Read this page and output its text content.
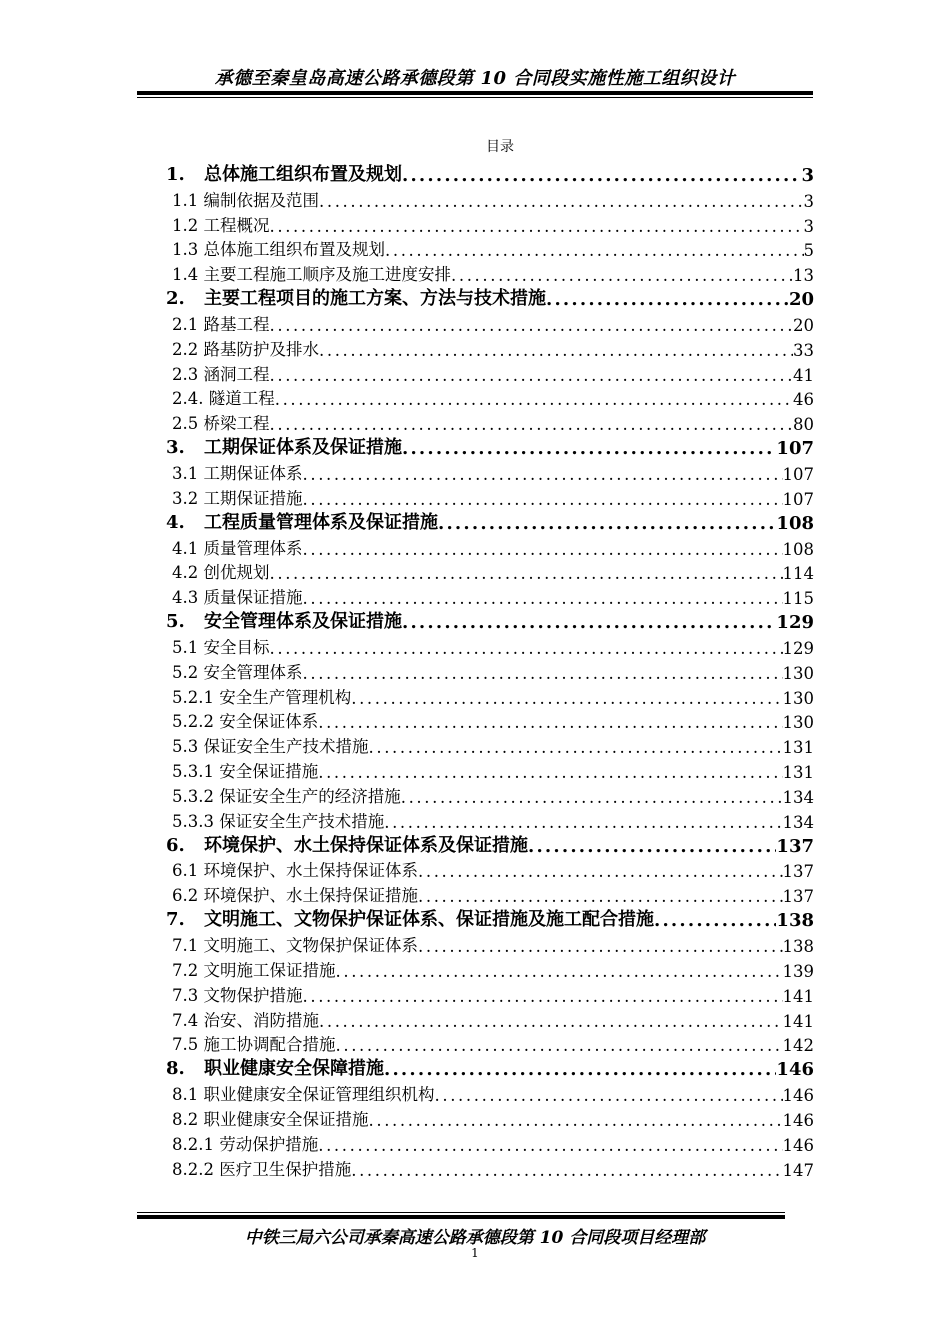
承德至秦皇岛高速公路承德段第 10 合同段实施性施工组织设计
目录
1. 总体施工组织布置及规划 .....	3
1.1 编制依据及范围 .....	3
1.2 工程概况 .....	3
1.3 总体施工组织布置及规划 .....	5
1.4 主要工程施工顺序及施工进度安排 .....	13
2. 主要工程项目的施工方案、方法与技术措施 .....	20
2.1 路基工程 .....	20
2.2 路基防护及排水 .....	33
2.3 涵洞工程 .....	41
2.4. 隧道工程 .....	46
2.5 桥梁工程 .....	80
3. 工期保证体系及保证措施 .....	107
3.1 工期保证体系 .....	107
3.2 工期保证措施 .....	107
4. 工程质量管理体系及保证措施 .....	108
4.1 质量管理体系 .....	108
4.2 创优规划 .....	114
4.3 质量保证措施 .....	115
5. 安全管理体系及保证措施 .....	129
5.1 安全目标 .....	129
5.2 安全管理体系 .....	130
5.2.1 安全生产管理机构 .....	130
5.2.2 安全保证体系 .....	130
5.3 保证安全生产技术措施 .....	131
5.3.1 安全保证措施 .....	131
5.3.2 保证安全生产的经济措施 .....	134
5.3.3 保证安全生产技术措施 .....	134
6. 环境保护、水土保持保证体系及保证措施 .....	137
6.1 环境保护、水土保持保证体系 .....	137
6.2 环境保护、水土保持保证措施 .....	137
7. 文明施工、文物保护保证体系、保证措施及施工配合措施 .....	138
7.1 文明施工、文物保护保证体系 .....	138
7.2 文明施工保证措施 .....	139
7.3 文物保护措施 .....	141
7.4 治安、消防措施 .....	141
7.5 施工协调配合措施 .....	142
8. 职业健康安全保障措施 .....	146
8.1 职业健康安全保证管理组织机构 .....	146
8.2 职业健康安全保证措施 .....	146
8.2.1 劳动保护措施 .....	146
8.2.2 医疗卫生保护措施 .....	147
中铁三局六公司承秦高速公路承德段第 10 合同段项目经理部
1
